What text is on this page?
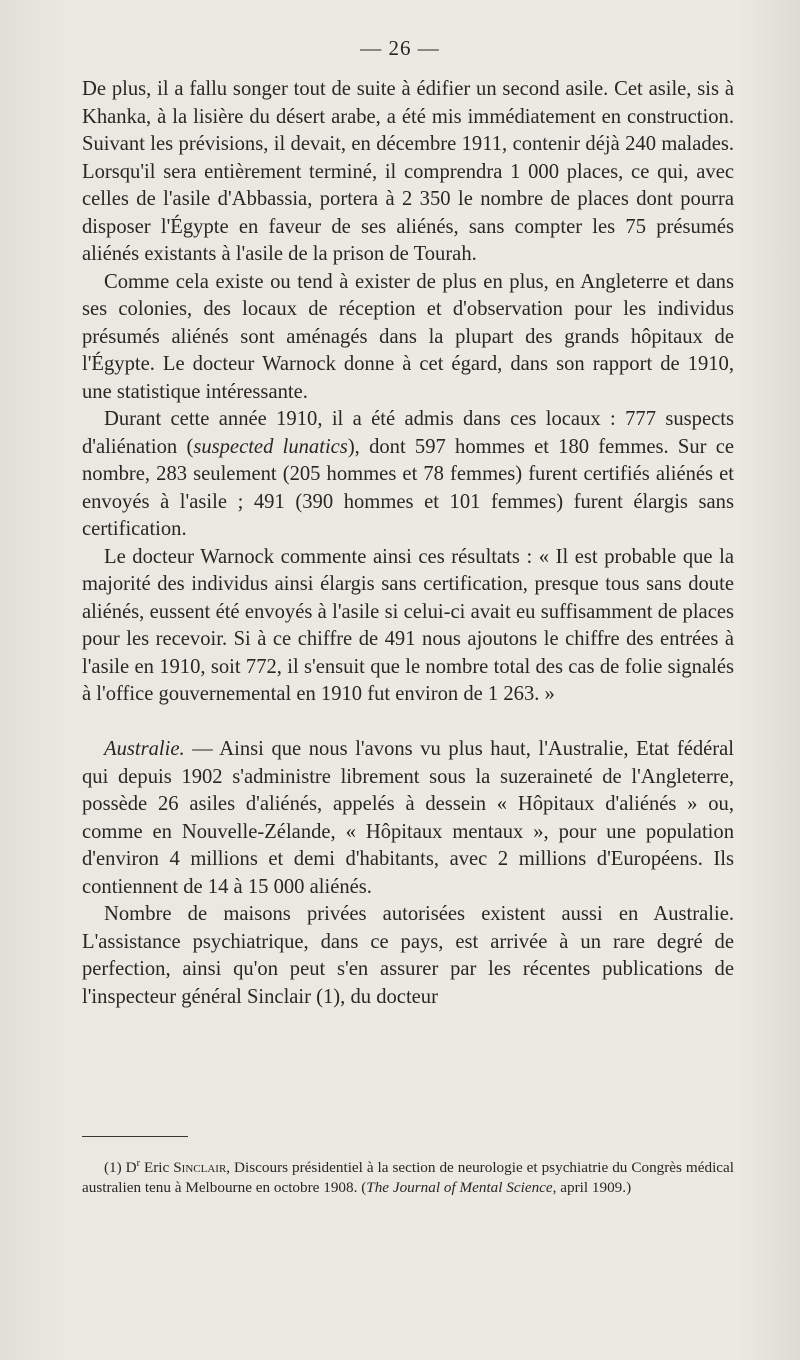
— 26 —

De plus, il a fallu songer tout de suite à édifier un second asile. Cet asile, sis à Khanka, à la lisière du désert arabe, a été mis immédiatement en construction. Suivant les prévisions, il devait, en décembre 1911, contenir déjà 240 malades. Lorsqu'il sera entièrement terminé, il comprendra 1 000 places, ce qui, avec celles de l'asile d'Abbassia, portera à 2 350 le nombre de places dont pourra disposer l'Égypte en faveur de ses aliénés, sans compter les 75 présumés aliénés existants à l'asile de la prison de Tourah.

Comme cela existe ou tend à exister de plus en plus, en Angleterre et dans ses colonies, des locaux de réception et d'observation pour les individus présumés aliénés sont aménagés dans la plupart des grands hôpitaux de l'Égypte. Le docteur Warnock donne à cet égard, dans son rapport de 1910, une statistique intéressante.

Durant cette année 1910, il a été admis dans ces locaux : 777 suspects d'aliénation (suspected lunatics), dont 597 hommes et 180 femmes. Sur ce nombre, 283 seulement (205 hommes et 78 femmes) furent certifiés aliénés et envoyés à l'asile ; 491 (390 hommes et 101 femmes) furent élargis sans certification.

Le docteur Warnock commente ainsi ces résultats : « Il est probable que la majorité des individus ainsi élargis sans certification, presque tous sans doute aliénés, eussent été envoyés à l'asile si celui-ci avait eu suffisamment de places pour les recevoir. Si à ce chiffre de 491 nous ajoutons le chiffre des entrées à l'asile en 1910, soit 772, il s'ensuit que le nombre total des cas de folie signalés à l'office gouvernemental en 1910 fut environ de 1 263. »

Australie. — Ainsi que nous l'avons vu plus haut, l'Australie, Etat fédéral qui depuis 1902 s'administre librement sous la suzeraineté de l'Angleterre, possède 26 asiles d'aliénés, appelés à dessein « Hôpitaux d'aliénés » ou, comme en Nouvelle-Zélande, « Hôpitaux mentaux », pour une population d'environ 4 millions et demi d'habitants, avec 2 millions d'Européens. Ils contiennent de 14 à 15 000 aliénés.

Nombre de maisons privées autorisées existent aussi en Australie. L'assistance psychiatrique, dans ce pays, est arrivée à un rare degré de perfection, ainsi qu'on peut s'en assurer par les récentes publications de l'inspecteur général Sinclair (1), du docteur

(1) $D^r$ Eric Sinclair, Discours présidentiel à la section de neurologie et psychiatrie du Congrès médical australien tenu à Melbourne en octobre 1908. (The Journal of Mental Science, april 1909.)
